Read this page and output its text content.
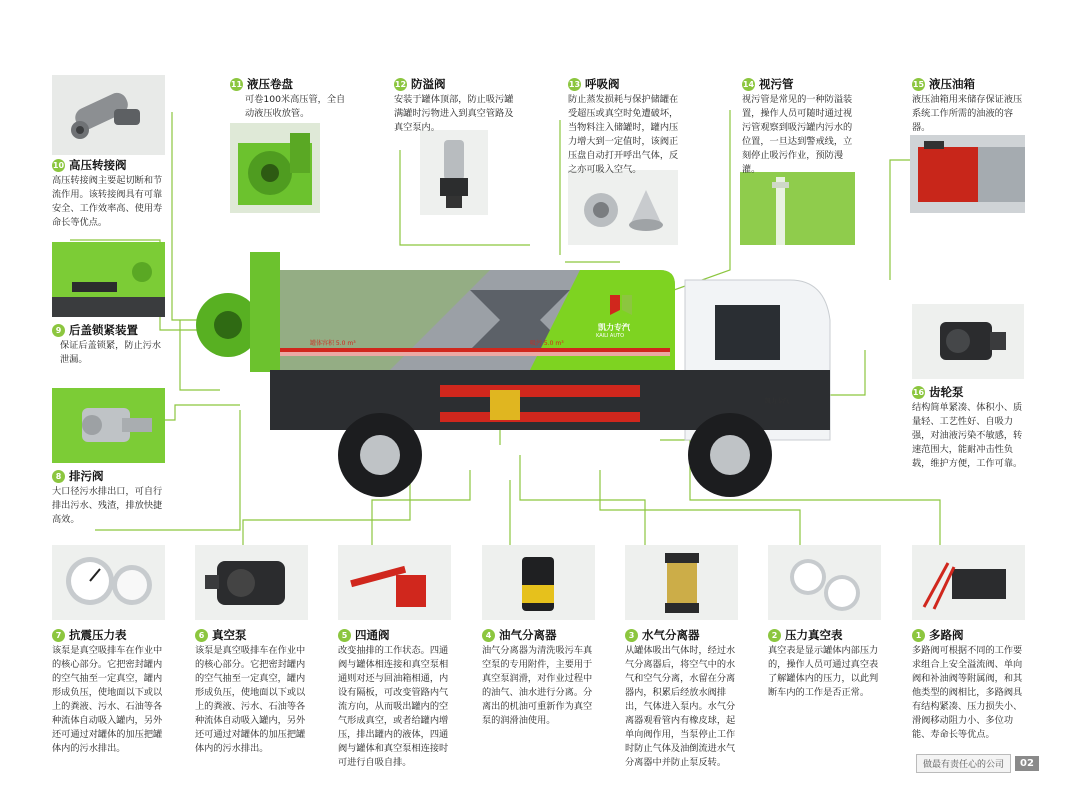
凯力专汽
KAILI AUTO
罐体容积 5.0 m³	吸污 5.0 m³
凯力专汽
10 高压转接阀
高压转接阀主要起切断和节流作用。该转接阀具有可靠安全、工作效率高、使用寿命长等优点。
11 液压卷盘
可卷100米高压管，全自动液压收放管。
12 防溢阀
安装于罐体顶部，防止吸污罐满罐时污物进入到真空管路及真空泵内。
13 呼吸阀
防止蒸发损耗与保护储罐在受超压或真空时免遭破坏，当物料注入储罐时，罐内压力增大到一定值时，该阀正压盘自动打开呼出气体，反之亦可吸入空气。
14 视污管
视污管是常见的一种防溢装置，操作人员可随时通过视污管观察到吸污罐内污水的位置，一旦达到警戒线，立刻停止吸污作业，预防漫灌。
15 液压油箱
液压油箱用来储存保证液压系统工作所需的油液的容器。
9 后盖锁紧装置
保证后盖锁紧，防止污水泄漏。
8 排污阀
大口径污水排出口，可自行排出污水、残渣，排放快捷高效。
16 齿轮泵
结构简单紧凑、体积小、质量轻、工艺性好、自吸力强，对油液污染不敏感，转速范围大，能耐冲击性负载，维护方便，工作可靠。
7 抗震压力表
该泵是真空吸排车在作业中的核心部分。它把密封罐内的空气抽至一定真空，罐内形成负压，使地面以下或以上的粪液、污水、石油等各种流体自动吸入罐内，另外还可通过对罐体的加压把罐体内的污水排出。
6 真空泵
该泵是真空吸排车在作业中的核心部分。它把密封罐内的空气抽至一定真空，罐内形成负压，使地面以下或以上的粪液、污水、石油等各种流体自动吸入罐内，另外还可通过对罐体的加压把罐体内的污水排出。
5 四通阀
改变抽排的工作状态。四通阀与罐体相连接和真空泵相通则对还与回油箱相通，内设有隔板，可改变管路内气流方向，从而吸出罐内的空气形成真空，或者给罐内增压，排出罐内的液体，四通阀与罐体和真空泵相连接时可进行自吸自排。
4 油气分离器
油气分离器为清洗吸污车真空泵的专用附件，主要用于真空泵润滑，对作业过程中的油气、油水进行分离。分离出的机油可重新作为真空泵的润滑油使用。
3 水气分离器
从罐体吸出气体时，经过水气分离器后，将空气中的水气和空气分离，水留在分离器内，积累后经放水阀排出，气体进入泵内。水气分离器观看管内有橡皮球，起单向阀作用，当泵停止工作时防止气体及油倒流进水气分离器中并防止泵反转。
2 压力真空表
真空表是显示罐体内部压力的，操作人员可通过真空表了解罐体内的压力，以此判断车内的工作是否正常。
1 多路阀
多路阀可根据不同的工作要求组合上安全溢流阀、单向阀和补油阀等附属阀，和其他类型的阀相比，多路阀具有结构紧凑、压力损失小、滑阀移动阻力小、多位功能、寿命长等优点。
做最有责任心的公司	02
